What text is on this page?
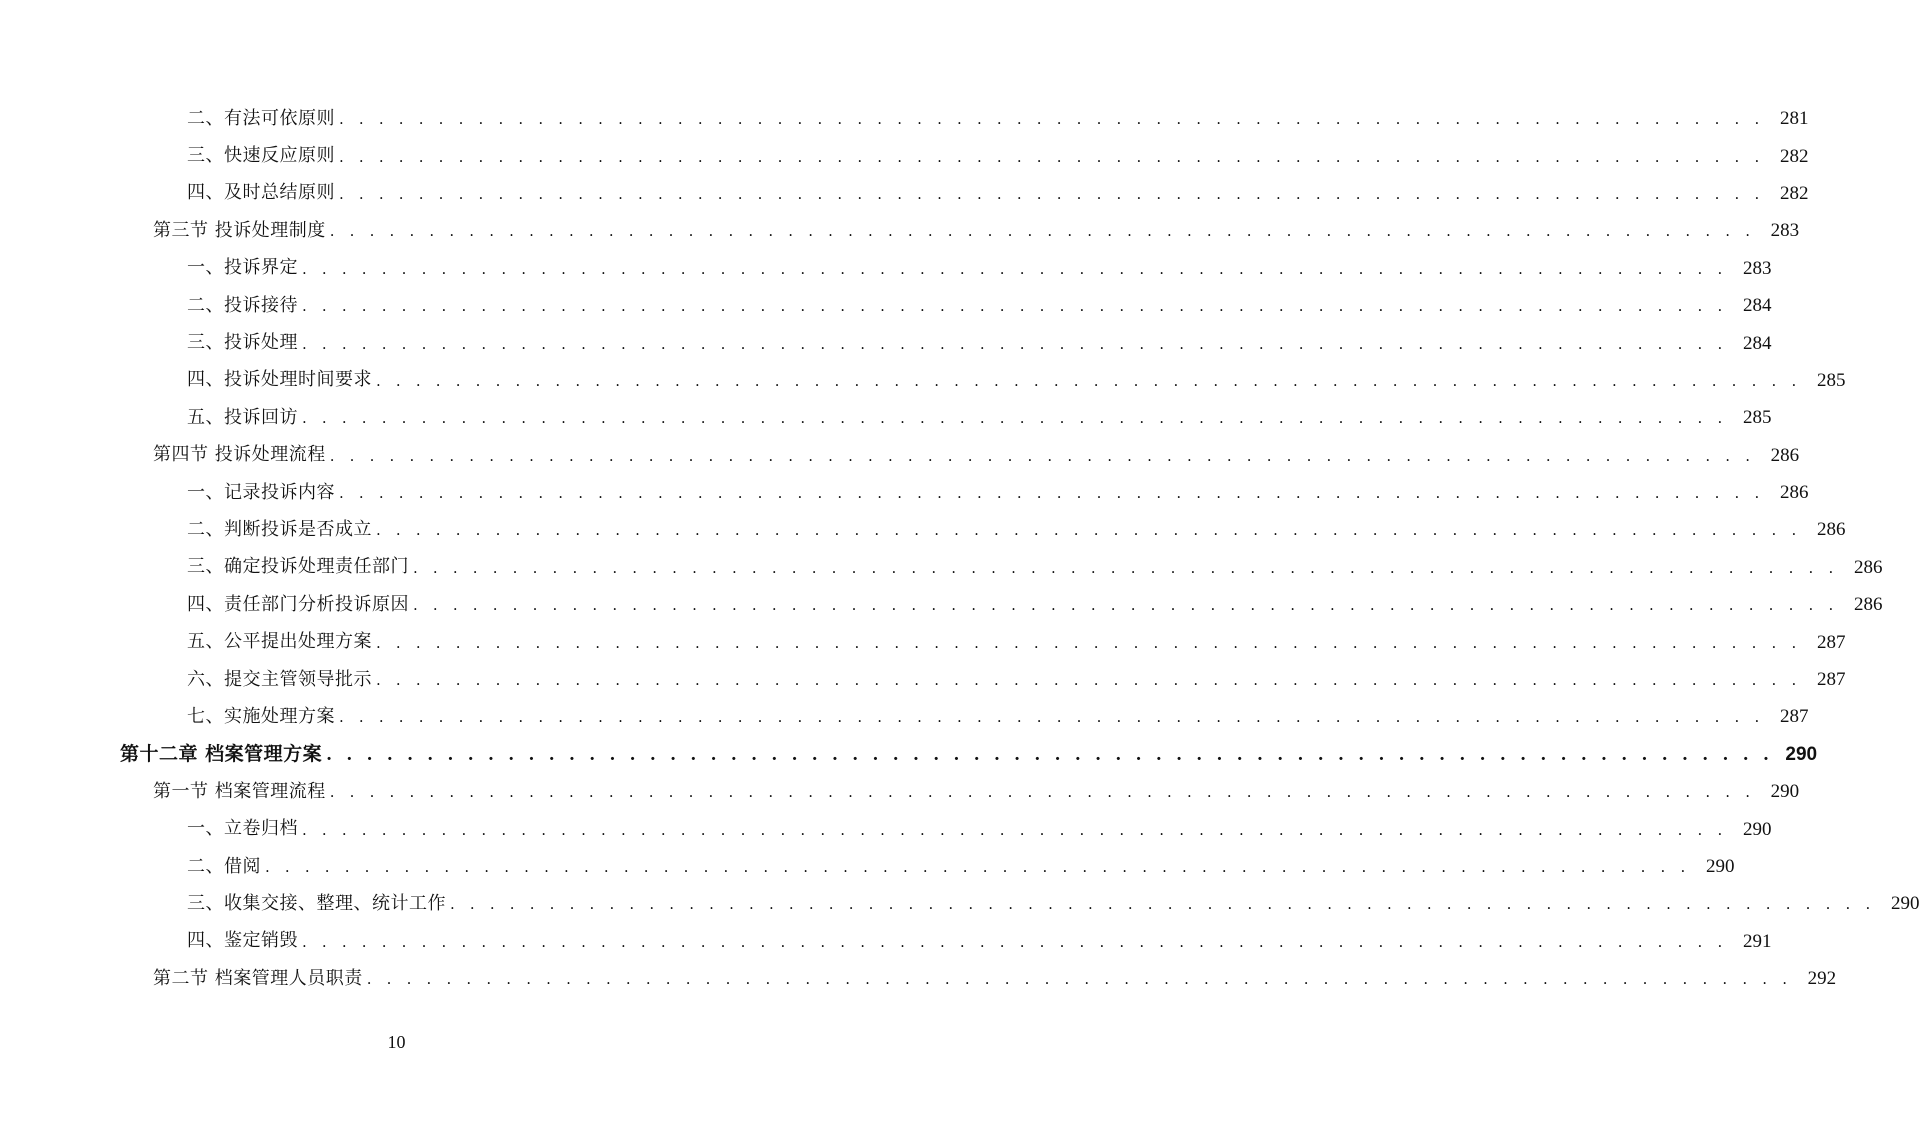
二、有法可依原则 . . . . . . . . . . . . . . . . . . . . . . . . . . . . . . . . . . . . . . . . . . . . . . . . . . . . . . . . . . . . . . . . . . . . . . . . 281
三、快速反应原则 . . . . . . . . . . . . . . . . . . . . . . . . . . . . . . . . . . . . . . . . . . . . . . . . . . . . . . . . . . . . . . . . . . . . . . . . 282
四、及时总结原则 . . . . . . . . . . . . . . . . . . . . . . . . . . . . . . . . . . . . . . . . . . . . . . . . . . . . . . . . . . . . . . . . . . . . . . . . 282
第三节 投诉处理制度 . . . . . . . . . . . . . . . . . . . . . . . . . . . . . . . . . . . . . . . . . . . . . . . . . . . . . . . . . . . . . . . . . . . . . . . . 283
一、投诉界定 . . . . . . . . . . . . . . . . . . . . . . . . . . . . . . . . . . . . . . . . . . . . . . . . . . . . . . . . . . . . . . . . . . . . . . . . 283
二、投诉接待 . . . . . . . . . . . . . . . . . . . . . . . . . . . . . . . . . . . . . . . . . . . . . . . . . . . . . . . . . . . . . . . . . . . . . . . . 284
三、投诉处理 . . . . . . . . . . . . . . . . . . . . . . . . . . . . . . . . . . . . . . . . . . . . . . . . . . . . . . . . . . . . . . . . . . . . . . . . 284
四、投诉处理时间要求 . . . . . . . . . . . . . . . . . . . . . . . . . . . . . . . . . . . . . . . . . . . . . . . . . . . . . . . . . . . . . . . . . . . . . . . . 285
五、投诉回访 . . . . . . . . . . . . . . . . . . . . . . . . . . . . . . . . . . . . . . . . . . . . . . . . . . . . . . . . . . . . . . . . . . . . . . . . 285
第四节 投诉处理流程 . . . . . . . . . . . . . . . . . . . . . . . . . . . . . . . . . . . . . . . . . . . . . . . . . . . . . . . . . . . . . . . . . . . . . . . . 286
一、记录投诉内容 . . . . . . . . . . . . . . . . . . . . . . . . . . . . . . . . . . . . . . . . . . . . . . . . . . . . . . . . . . . . . . . . . . . . . . . . 286
二、判断投诉是否成立 . . . . . . . . . . . . . . . . . . . . . . . . . . . . . . . . . . . . . . . . . . . . . . . . . . . . . . . . . . . . . . . . . . . . . . . . 286
三、确定投诉处理责任部门 . . . . . . . . . . . . . . . . . . . . . . . . . . . . . . . . . . . . . . . . . . . . . . . . . . . . . . . . . . . . . . . . . . . . . . . . 286
四、责任部门分析投诉原因 . . . . . . . . . . . . . . . . . . . . . . . . . . . . . . . . . . . . . . . . . . . . . . . . . . . . . . . . . . . . . . . . . . . . . . . . 286
五、公平提出处理方案 . . . . . . . . . . . . . . . . . . . . . . . . . . . . . . . . . . . . . . . . . . . . . . . . . . . . . . . . . . . . . . . . . . . . . . . . 287
六、提交主管领导批示 . . . . . . . . . . . . . . . . . . . . . . . . . . . . . . . . . . . . . . . . . . . . . . . . . . . . . . . . . . . . . . . . . . . . . . . . 287
七、实施处理方案 . . . . . . . . . . . . . . . . . . . . . . . . . . . . . . . . . . . . . . . . . . . . . . . . . . . . . . . . . . . . . . . . . . . . . . . . 287
第十二章 档案管理方案 . . . . . . . . . . . . . . . . . . . . . . . . . . . . . . . . . . . . . . . . . . . . . . . . . . . . . . . . . . . . . . . . . . . . . . . . 290
第一节 档案管理流程 . . . . . . . . . . . . . . . . . . . . . . . . . . . . . . . . . . . . . . . . . . . . . . . . . . . . . . . . . . . . . . . . . . . . . . . . 290
一、立卷归档 . . . . . . . . . . . . . . . . . . . . . . . . . . . . . . . . . . . . . . . . . . . . . . . . . . . . . . . . . . . . . . . . . . . . . . . . 290
二、借阅 . . . . . . . . . . . . . . . . . . . . . . . . . . . . . . . . . . . . . . . . . . . . . . . . . . . . . . . . . . . . . . . . . . . . . . . . 290
三、收集交接、整理、统计工作 . . . . . . . . . . . . . . . . . . . . . . . . . . . . . . . . . . . . . . . . . . . . . . . . . . . . . . . . . . . . . . . . . . . . . . . . 290
四、鉴定销毁 . . . . . . . . . . . . . . . . . . . . . . . . . . . . . . . . . . . . . . . . . . . . . . . . . . . . . . . . . . . . . . . . . . . . . . . . 291
第二节 档案管理人员职责 . . . . . . . . . . . . . . . . . . . . . . . . . . . . . . . . . . . . . . . . . . . . . . . . . . . . . . . . . . . . . . . . . . . . . . . . 292
10
